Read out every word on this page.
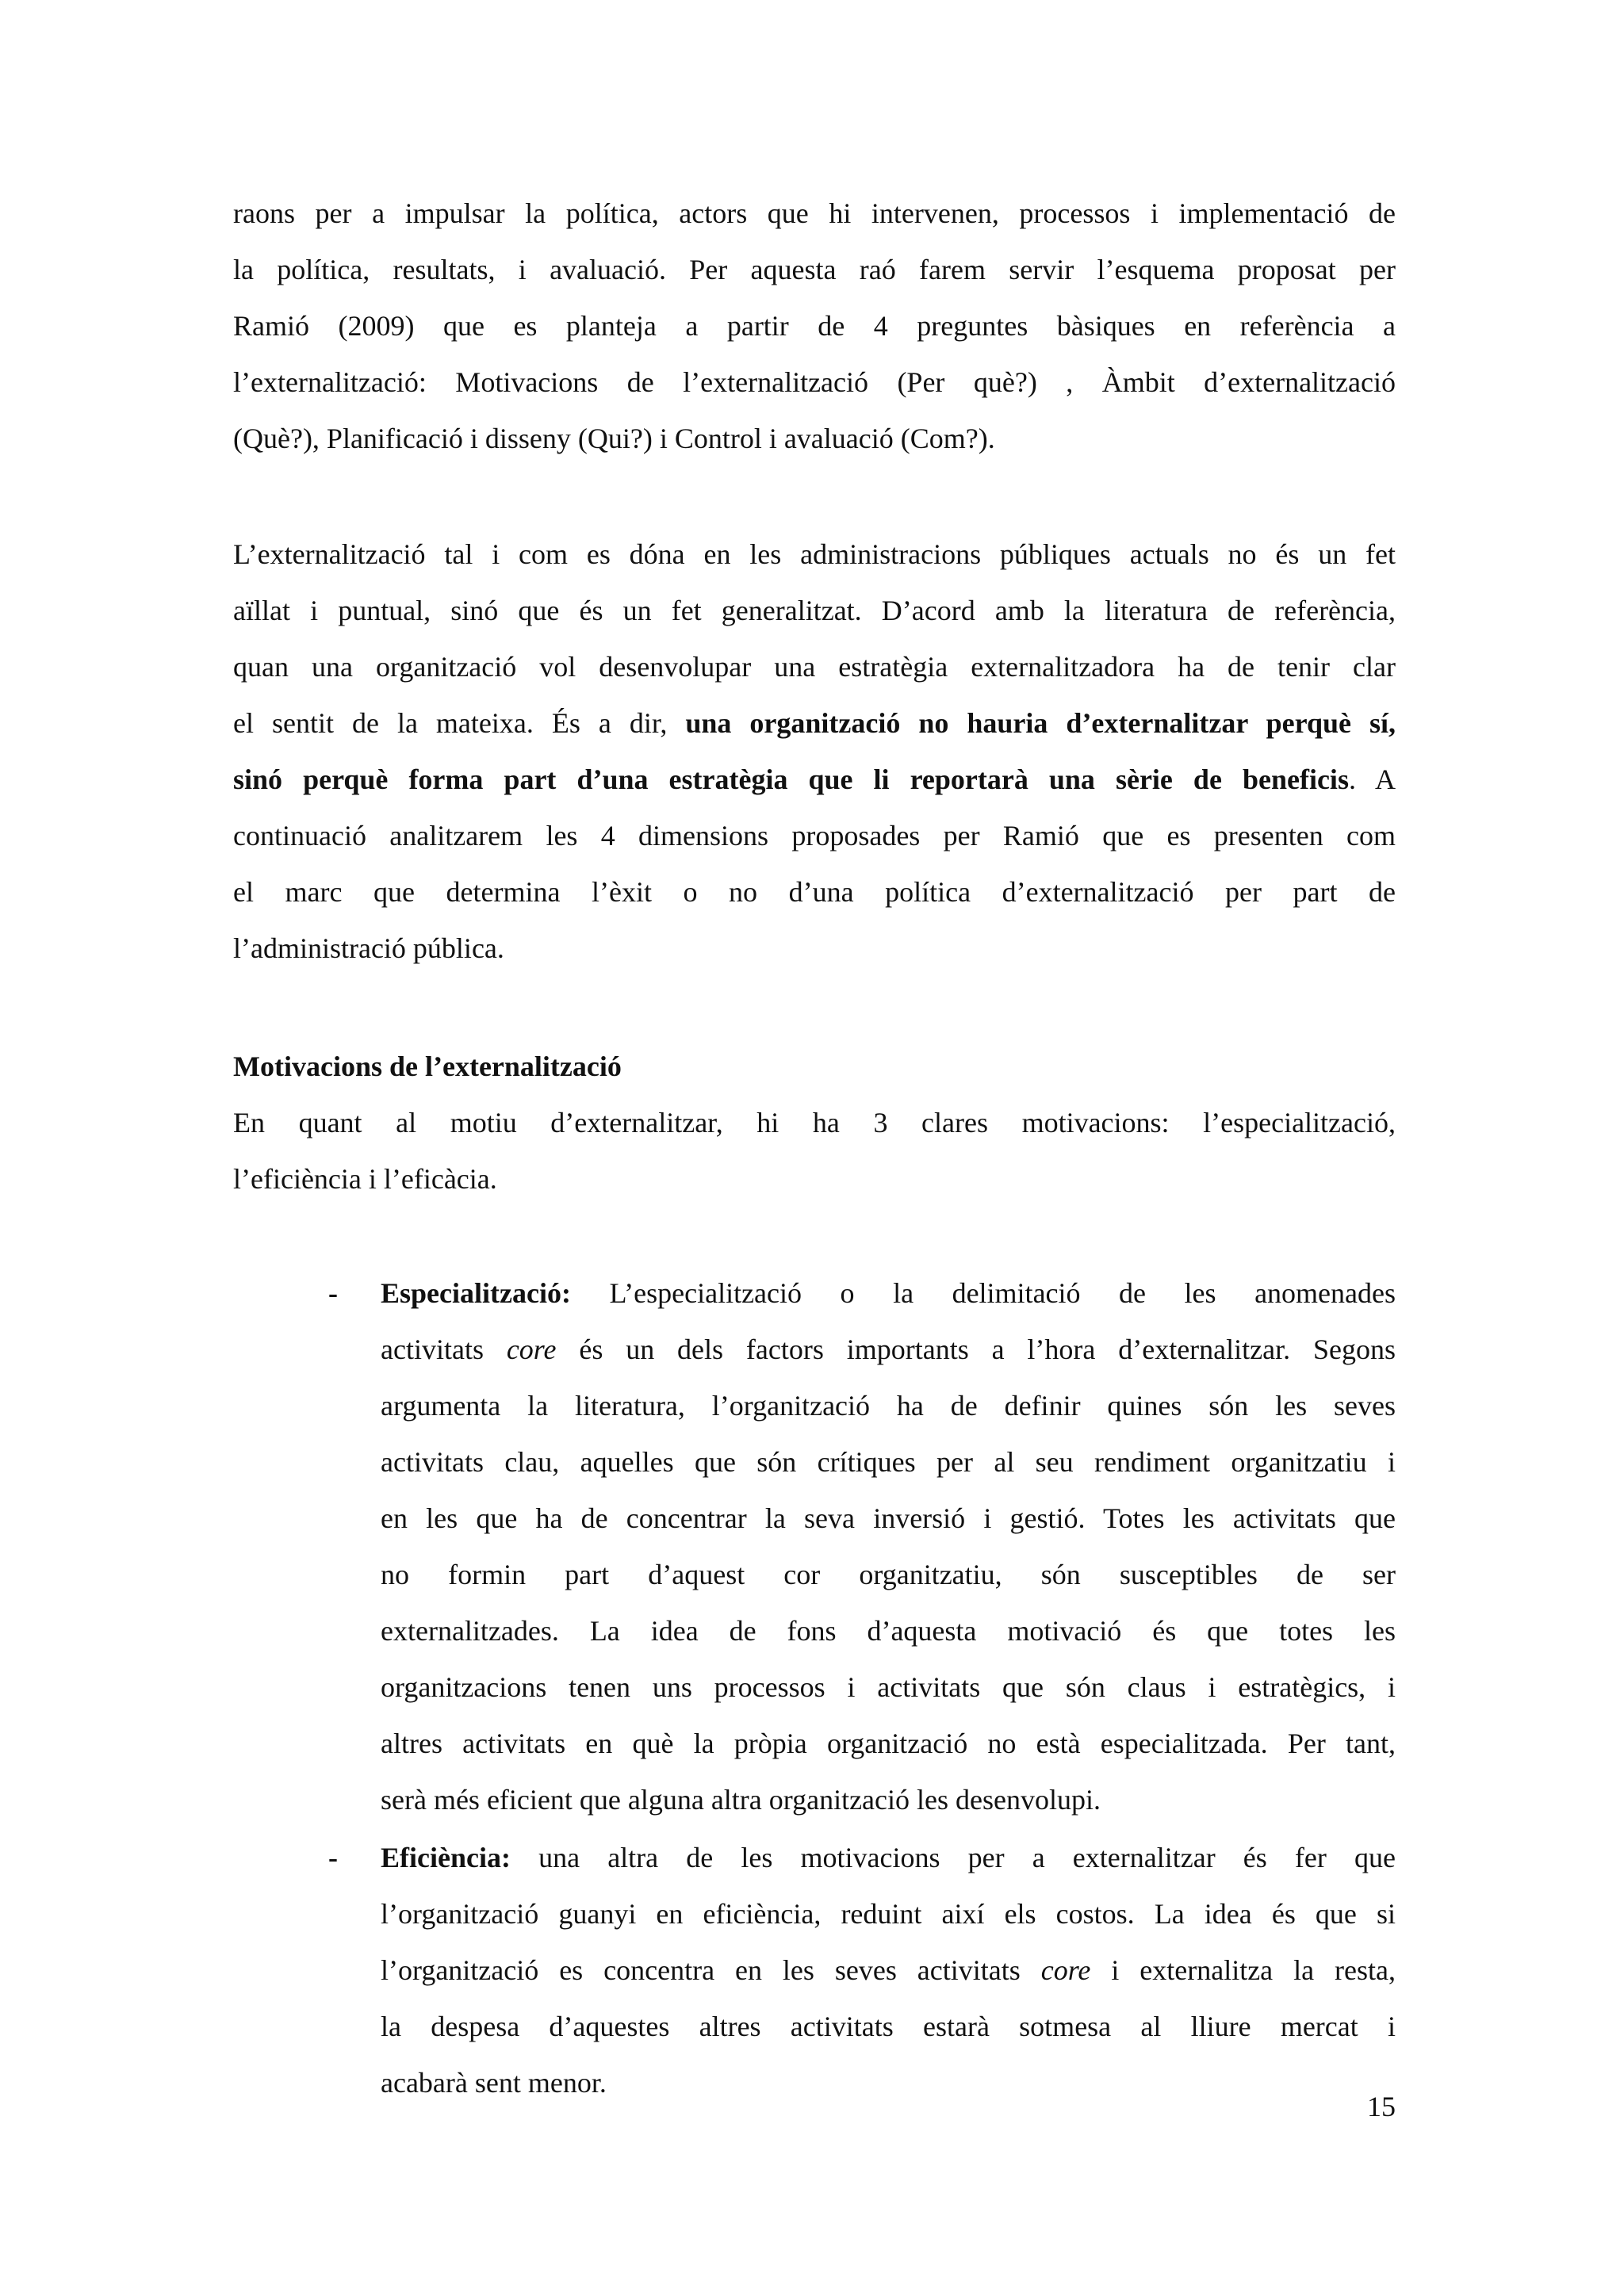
raons per a impulsar la política, actors que hi intervenen, processos i implementació de
la política, resultats, i avaluació. Per aquesta raó farem servir l’esquema proposat per
Ramió (2009) que es planteja a partir de 4 preguntes bàsiques en referència a
l’externalització: Motivacions de l’externalització (Per què?) , Àmbit d’externalització
(Què?), Planificació i disseny (Qui?) i Control i avaluació (Com?).
L’externalització tal i com es dóna en les administracions públiques actuals no és un fet
aïllat i puntual, sinó que és un fet generalitzat. D’acord amb la literatura de referència,
quan una organització vol desenvolupar una estratègia externalitzadora ha de tenir clar
el sentit de la mateixa. És a dir, una organització no hauria d’externalitzar perquè sí,
sinó perquè forma part d’una estratègia que li reportarà una sèrie de beneficis. A
continuació analitzarem les 4 dimensions proposades per Ramió que es presenten com
el marc que determina l’èxit o no d’una política d’externalització per part de
l’administració pública.
Motivacions de l’externalització
En quant al motiu d’externalitzar, hi ha 3 clares motivacions: l’especialització,
l’eficiència i l’eficàcia.
- Especialització: L’especialització o la delimitació de les anomenades
activitats core és un dels factors importants a l’hora d’externalitzar. Segons
argumenta la literatura, l’organització ha de definir quines són les seves
activitats clau, aquelles que són crítiques per al seu rendiment organitzatiu i
en les que ha de concentrar la seva inversió i gestió. Totes les activitats que
no formin part d’aquest cor organitzatiu, són susceptibles de ser
externalitzades. La idea de fons d’aquesta motivació és que totes les
organitzacions tenen uns processos i activitats que són claus i estratègics, i
altres activitats en què la pròpia organització no està especialitzada. Per tant,
serà més eficient que alguna altra organització les desenvolupi.
- Eficiència: una altra de les motivacions per a externalitzar és fer que
l’organització guanyi en eficiència, reduint així els costos. La idea és que si
l’organització es concentra en les seves activitats core i externalitza la resta,
la despesa d’aquestes altres activitats estarà sotmesa al lliure mercat i
acabarà sent menor.
15
